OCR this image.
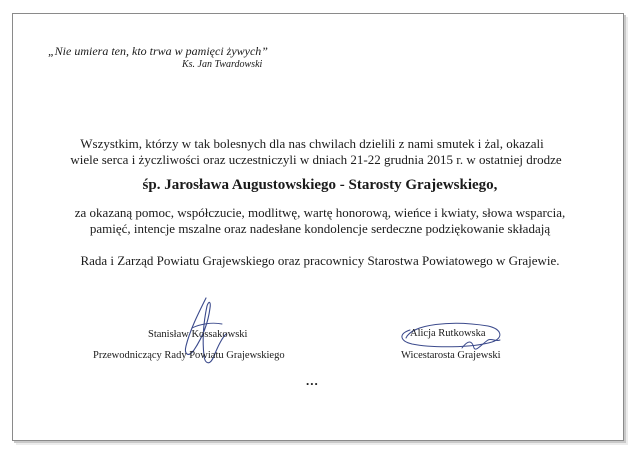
„Nie umiera ten, kto trwa w pamięci żywych”
Ks. Jan Twardowski
Wszystkim, którzy w tak bolesnych dla nas chwilach dzielili z nami smutek i żal, okazali
wiele serca i życzliwości oraz uczestniczyli w dniach 21-22 grudnia 2015 r. w ostatniej drodze
śp. Jarosława Augustowskiego - Starosty Grajewskiego,
za okazaną pomoc, współczucie, modlitwę, wartę honorową, wieńce i kwiaty, słowa wsparcia,
pamięć, intencje mszalne oraz nadesłane kondolencje serdeczne podziękowanie składają
Rada i Zarząd Powiatu Grajewskiego oraz pracownicy Starostwa Powiatowego w Grajewie.
Stanisław Kossakowski
Przewodniczący Rady Powiatu Grajewskiego
Alicja Rutkowska
Wicestarosta Grajewski
...
